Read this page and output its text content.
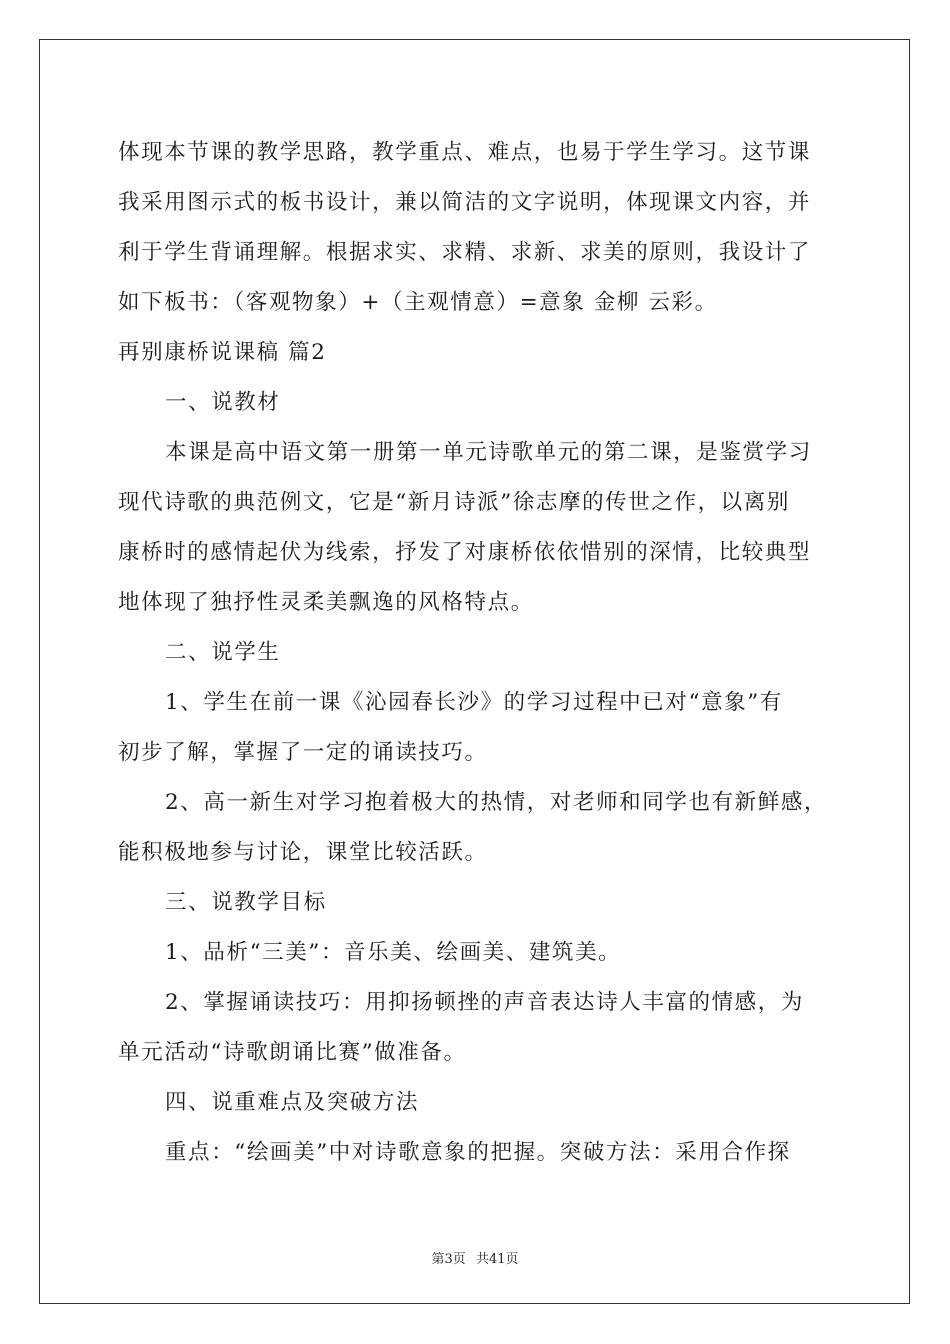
体现本节课的教学思路，教学重点、难点，也易于学生学习。这节课
我采用图示式的板书设计，兼以简洁的文字说明，体现课文内容，并
利于学生背诵理解。根据求实、求精、求新、求美的原则，我设计了
如下板书：（客观物象）+（主观情意）=意象 金柳 云彩。
再别康桥说课稿 篇2
一、说教材
本课是高中语文第一册第一单元诗歌单元的第二课，是鉴赏学习
现代诗歌的典范例文，它是“新月诗派”徐志摩的传世之作，以离别
康桥时的感情起伏为线索，抒发了对康桥依依惜别的深情，比较典型
地体现了独抒性灵柔美飘逸的风格特点。
二、说学生
1、学生在前一课《沁园春长沙》的学习过程中已对“意象”有
初步了解，掌握了一定的诵读技巧。
2、高一新生对学习抱着极大的热情，对老师和同学也有新鲜感，
能积极地参与讨论，课堂比较活跃。
三、说教学目标
1、品析“三美”：音乐美、绘画美、建筑美。
2、掌握诵读技巧：用抑扬顿挫的声音表达诗人丰富的情感，为
单元活动“诗歌朗诵比赛”做准备。
四、说重难点及突破方法
重点：“绘画美”中对诗歌意象的把握。突破方法：采用合作探
第3页 共41页
